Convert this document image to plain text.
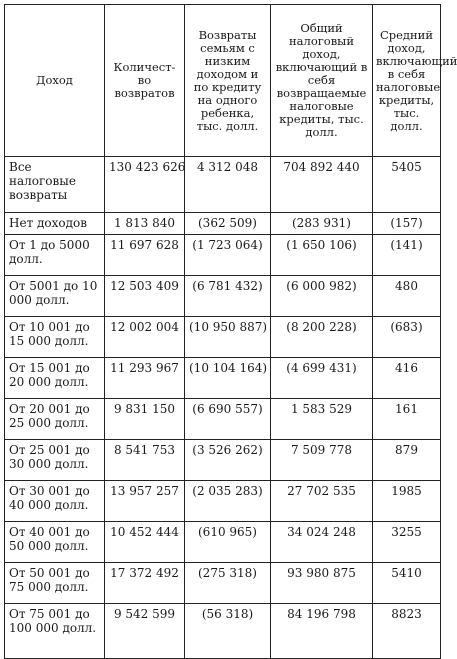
Доход	Количест-во возвратов	Возвраты семьям с низким доходом и по кредиту на одного ребенка, тыс. долл.	Общий налоговый доход, включающий в себя возвращаемые налоговые кредиты, тыс. долл.	Средний доход, включающий в себя налоговые кредиты, тыс. долл.
Все налоговые возвраты	130 423 626	4 312 048	704 892 440	5405
Нет доходов	1 813 840	(362 509)	(283 931)	(157)
От 1 до 5000 долл.	11 697 628	(1 723 064)	(1 650 106)	(141)
От 5001 до 10 000 долл.	12 503 409	(6 781 432)	(6 000 982)	480
От 10 001 до 15 000 долл.	12 002 004	(10 950 887)	(8 200 228)	(683)
От 15 001 до 20 000 долл.	11 293 967	(10 104 164)	(4 699 431)	416
От 20 001 до 25 000 долл.	9 831 150	(6 690 557)	1 583 529	161
От 25 001 до 30 000 долл.	8 541 753	(3 526 262)	7 509 778	879
От 30 001 до 40 000 долл.	13 957 257	(2 035 283)	27 702 535	1985
От 40 001 до 50 000 долл.	10 452 444	(610 965)	34 024 248	3255
От 50 001 до 75 000 долл.	17 372 492	(275 318)	93 980 875	5410
От 75 001 до 100 000 долл.	9 542 599	(56 318)	84 196 798	8823
